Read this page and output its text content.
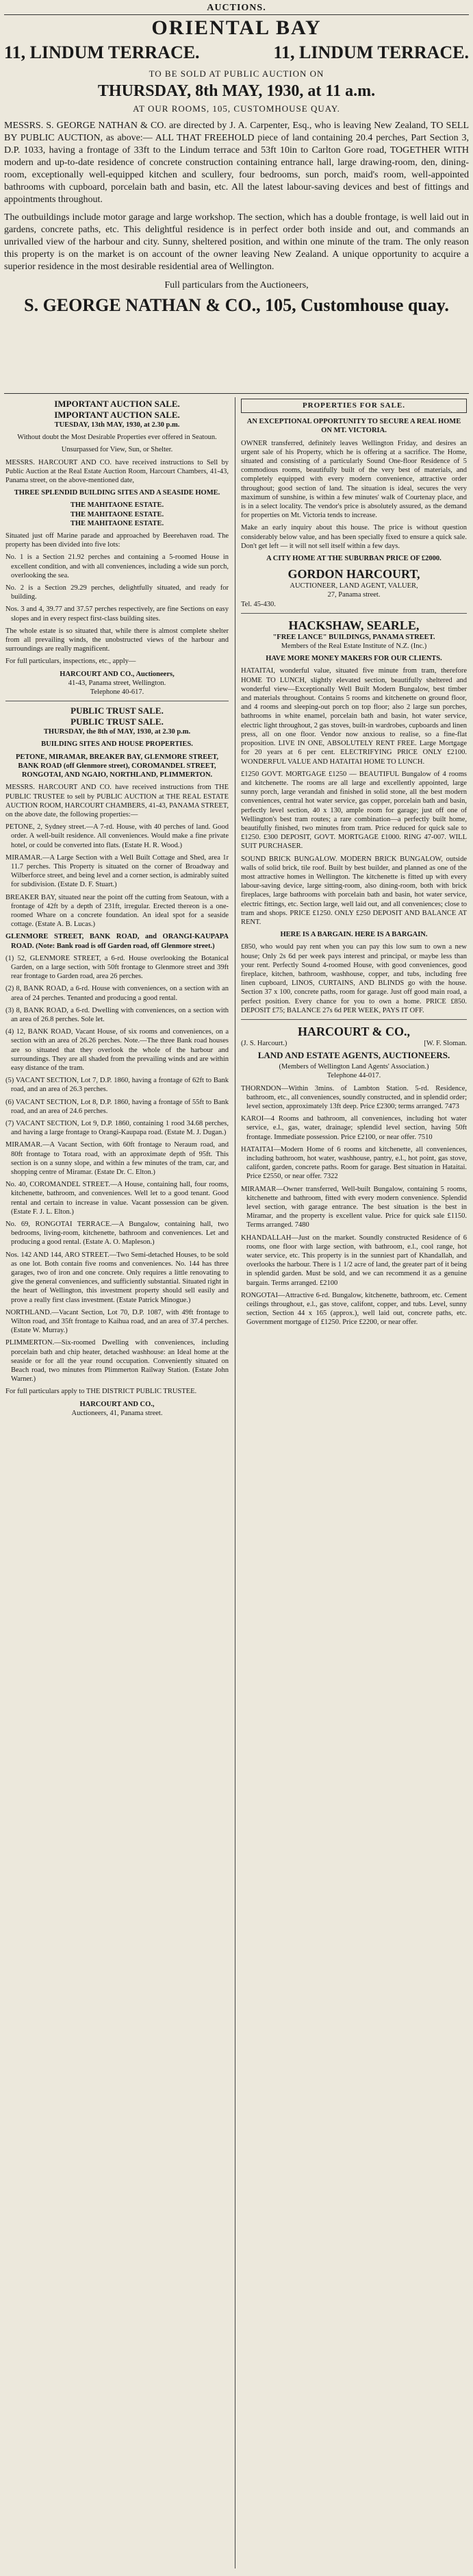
AUCTIONS.
ORIENTAL BAY
11, LINDUM TERRACE.	11, LINDUM TERRACE.
TO BE SOLD AT PUBLIC AUCTION ON
THURSDAY, 8th MAY, 1930, at 11 a.m.
AT OUR ROOMS, 105, CUSTOMHOUSE QUAY.

MESSRS. S. GEORGE NATHAN & CO. are directed by J. A. Carpenter, Esq., who is leaving New Zealand, TO SELL BY PUBLIC AUCTION, as above:— ALL THAT FREEHOLD piece of land containing 20.4 perches, Part Section 3, D.P. 1033, having a frontage of 33ft to the Lindum terrace and 53ft 10in to Carlton Gore road, TOGETHER WITH modern and up-to-date residence of concrete construction containing entrance hall, large drawing-room, den, dining-room, exceptionally well-equipped kitchen and scullery, four bedrooms, sun porch, maid's room, well-appointed bathrooms with cupboard, porcelain bath and basin, etc. All the latest labour-saving devices and best of fittings and appointments throughout.

The outbuildings include motor garage and large workshop. The section, which has a double frontage, is well laid out in gardens, concrete paths, etc. This delightful residence is in perfect order both inside and out, and commands an unrivalled view of the harbour and city. Sunny, sheltered position, and within one minute of the tram. The only reason this property is on the market is on account of the owner leaving New Zealand. A unique opportunity to acquire a superior residence in the most desirable residential area of Wellington.

Full particulars from the Auctioneers,
S. GEORGE NATHAN & CO., 105, Customhouse quay.
IMPORTANT AUCTION SALE.
IMPORTANT AUCTION SALE.

TUESDAY, 13th MAY, 1930, at 2.30 p.m.

Without doubt the Most Desirable Properties ever offered in Seatoun.

Unsurpassed for View, Sun, or Shelter.

MESSRS. HARCOURT AND CO. have received instructions to Sell by Public Auction at the Real Estate Auction Room, Harcourt Chambers, 41-43, Panama street, on the above-mentioned date,

THREE SPLENDID BUILDING SITES AND A SEASIDE HOME.

THE MAHITAONE ESTATE.

THE MAHITAONE ESTATE.

THE MAHITAONE ESTATE.

Situated just off Marine parade and approached by Beerehaven road. The property has been divided into five lots:

No. 1 is a Section 21.92 perches and containing a 5-roomed House in excellent condition, and with all conveniences, including a wide sun porch, overlooking the sea.

No. 2 is a Section 29.29 perches, delightfully situated, and ready for building.

Nos. 3 and 4, 39.77 and 37.57 perches respectively, are fine Sections on easy slopes and in every respect first-class building sites.

The whole estate is so situated that, while there is almost complete shelter from all prevailing winds, the unobstructed views of the harbour and surroundings are really magnificent.

For full particulars, inspections, etc., apply—

HARCOURT AND CO., Auctioneers,

41-43, Panama street, Wellington.

Telephone 40-617.

PUBLIC TRUST SALE.
PUBLIC TRUST SALE.

THURSDAY, the 8th of MAY, 1930, at 2.30 p.m.

BUILDING SITES AND HOUSE PROPERTIES.

PETONE, MIRAMAR, BREAKER BAY, GLENMORE STREET, BANK ROAD (off Glenmore street), COROMANDEL STREET, RONGOTAI, AND NGAIO, NORTHLAND, PLIMMERTON.

MESSRS. HARCOURT AND CO. have received instructions from THE PUBLIC TRUSTEE to sell by PUBLIC AUCTION at THE REAL ESTATE AUCTION ROOM, HARCOURT CHAMBERS, 41-43, PANAMA STREET, on the above date, the following properties:—

PETONE, 2, Sydney street.—A 7-rd. House, with 40 perches of land. Good order. A well-built residence. All conveniences. Would make a fine private hotel, or could be converted into flats. (Estate H. R. Wood.)

MIRAMAR.—A Large Section with a Well Built Cottage and Shed, area 1r 11.7 perches. This Property is situated on the corner of Broadway and Wilberforce street, and being level and a corner section, is admirably suited for subdivision. (Estate D. F. Stuart.)

BREAKER BAY, situated near the point off the cutting from Seatoun, with a frontage of 42ft by a depth of 231ft, irregular. Erected thereon is a one-roomed Whare on a concrete foundation. An ideal spot for a seaside cottage. (Estate A. B. Lucas.)

GLENMORE STREET, BANK ROAD, and ORANGI-KAUPAPA ROAD. (Note: Bank road is off Garden road, off Glenmore street.)

(1) 52, GLENMORE STREET, a 6-rd. House overlooking the Botanical Garden, on a large section, with 50ft frontage to Glenmore street and 39ft rear frontage to Garden road, area 26 perches.

(2) 8, BANK ROAD, a 6-rd. House with conveniences, on a section with an area of 24 perches. Tenanted and producing a good rental.

(3) 8, BANK ROAD, a 6-rd. Dwelling with conveniences, on a section with an area of 26.8 perches. Sole let.

(4) 12, BANK ROAD, Vacant House, of six rooms and conveniences, on a section with an area of 26.26 perches. Note.—The three Bank road houses are so situated that they overlook the whole of the harbour and surroundings. They are all shaded from the prevailing winds and are within easy distance of the tram.

(5) VACANT SECTION, Lot 7, D.P. 1860, having a frontage of 62ft to Bank road, and an area of 26.3 perches.

(6) VACANT SECTION, Lot 8, D.P. 1860, having a frontage of 55ft to Bank road, and an area of 24.6 perches.

(7) VACANT SECTION, Lot 9, D.P. 1860, containing 1 rood 34.68 perches, and having a large frontage to Orangi-Kaupapa road. (Estate M. J. Dugan.)

MIRAMAR.—A Vacant Section, with 60ft frontage to Neraum road, and 80ft frontage to Totara road, with an approximate depth of 95ft. This section is on a sunny slope, and within a few minutes of the tram, car, and shopping centre of Miramar. (Estate Dr. C. Elton.)

No. 40, COROMANDEL STREET.—A House, containing hall, four rooms, kitchenette, bathroom, and conveniences. Well let to a good tenant. Good rental and certain to increase in value. Vacant possession can be given. (Estate F. J. L. Elton.)

No. 69, RONGOTAI TERRACE.—A Bungalow, containing hall, two bedrooms, living-room, kitchenette, bathroom and conveniences. Let and producing a good rental. (Estate A. O. Mapleson.)

Nos. 142 AND 144, ARO STREET.—Two Semi-detached Houses, to be sold as one lot. Both contain five rooms and conveniences. No. 144 has three garages, two of iron and one concrete. Only requires a little renovating to give the general conveniences, and sufficiently substantial. Situated right in the heart of Wellington, this investment property should sell easily and prove a really first class investment. (Estate Patrick Minogue.)

NORTHLAND.—Vacant Section, Lot 70, D.P. 1087, with 49ft frontage to Wilton road, and 35ft frontage to Kaihua road, and an area of 37.4 perches. (Estate W. Murray.)

PLIMMERTON.—Six-roomed Dwelling with conveniences, including porcelain bath and chip heater, detached washhouse: an Ideal home at the seaside or for all the year round occupation. Conveniently situated on Beach road, two minutes from Plimmerton Railway Station. (Estate John Warner.)

For full particulars apply to THE DISTRICT PUBLIC TRUSTEE.

HARCOURT AND CO.,

Auctioneers, 41, Panama street.

PROPERTIES FOR SALE.

AN EXCEPTIONAL OPPORTUNITY TO SECURE A REAL HOME ON MT. VICTORIA.

OWNER transferred, definitely leaves Wellington Friday, and desires an urgent sale of his Property, which he is offering at a sacrifice. The Home, situated and consisting of a particularly Sound One-floor Residence of 5 commodious rooms, beautifully built of the very best of materials, and completely equipped with every modern convenience, attractive order throughout; good section of land. The situation is ideal, secures the very maximum of sunshine, is within a few minutes' walk of Courtenay place, and is in a select locality. The vendor's price is absolutely assured, as the demand for properties on Mt. Victoria tends to increase.

Make an early inquiry about this house. The price is without question considerably below value, and has been specially fixed to ensure a quick sale. Don't get left — it will not sell itself within a few days.

A CITY HOME AT THE SUBURBAN PRICE OF £2000.

GORDON HARCOURT,

AUCTIONEER, LAND AGENT, VALUER,

27, Panama street.

Tel. 45-430.

HACKSHAW, SEARLE,

"FREE LANCE" BUILDINGS, PANAMA STREET.

Members of the Real Estate Institute of N.Z. (Inc.)

HAVE MORE MONEY MAKERS FOR OUR CLIENTS.

HATAITAI, wonderful value, situated five minute from tram, therefore HOME TO LUNCH, slightly elevated section, beautifully sheltered and wonderful view—Exceptionally Well Built Modern Bungalow, best timber and materials throughout. Contains 5 rooms and kitchenette on ground floor, and 4 rooms and sleeping-out porch on top floor; also 2 large sun porches, bathrooms in white enamel, porcelain bath and basin, hot water service, electric light throughout, 2 gas stoves, built-in wardrobes, cupboards and linen press, all on one floor. Vendor now anxious to realise, so a fine-flat proposition. LIVE IN ONE, ABSOLUTELY RENT FREE. Large Mortgage for 20 years at 6 per cent. ELECTRIFYING PRICE ONLY £2100. WONDERFUL VALUE AND HATAITAI HOME TO LUNCH.

£1250 GOVT. MORTGAGE £1250 — BEAUTIFUL Bungalow of 4 rooms and kitchenette. The rooms are all large and excellently appointed, large sunny porch, large verandah and finished in solid stone, all the best modern conveniences, central hot water service, gas copper, porcelain bath and basin, perfectly level section, 40 x 130, ample room for garage; just off one of Wellington's best tram routes; a rare combination—a perfectly built home, beautifully finished, two minutes from tram. Price reduced for quick sale to £1250. £300 DEPOSIT, GOVT. MORTGAGE £1000. RING 47-007. WILL SUIT PURCHASER.

SOUND BRICK BUNGALOW. MODERN BRICK BUNGALOW, outside walls of solid brick, tile roof. Built by best builder, and planned as one of the most attractive homes in Wellington. The kitchenette is fitted up with every labour-saving device, large sitting-room, also dining-room, both with brick fireplaces, large bathrooms with porcelain bath and basin, hot water service, electric fittings, etc. Section large, well laid out, and all conveniences; close to tram and shops. PRICE £1250. ONLY £250 DEPOSIT AND BALANCE AT RENT.

HERE IS A BARGAIN. HERE IS A BARGAIN.

£850, who would pay rent when you can pay this low sum to own a new house; Only 2s 6d per week pays interest and principal, or maybe less than your rent. Perfectly Sound 4-roomed House, with good conveniences, good fireplace, kitchen, bathroom, washhouse, copper, and tubs, including free linen cupboard, LINOS, CURTAINS, AND BLINDS go with the house. Section 37 x 100, concrete paths, room for garage. Just off good main road, a perfect position. Every chance for you to own a home. PRICE £850. DEPOSIT £75; BALANCE 27s 6d PER WEEK, PAYS IT OFF.

HARCOURT & CO.,
(J. S. Harcourt.)	[W. F. Sloman.
LAND AND ESTATE AGENTS, AUCTIONEERS.

(Members of Wellington Land Agents' Association.)

Telephone 44-017.

THORNDON—Within 3mins. of Lambton Station. 5-rd. Residence, bathroom, etc., all conveniences, soundly constructed, and in splendid order; level section, approximately 13ft deep. Price £2300; terms arranged. 7473

KAROI—4 Rooms and bathroom, all conveniences, including hot water service, e.l., gas, water, drainage; splendid level section, having 50ft frontage. Immediate possession. Price £2100, or near offer. 7510

HATAITAI—Modern Home of 6 rooms and kitchenette, all conveniences, including bathroom, hot water, washhouse, pantry, e.l., hot point, gas stove, califont, garden, concrete paths. Room for garage. Best situation in Hataitai. Price £2550, or near offer. 7322

MIRAMAR—Owner transferred, Well-built Bungalow, containing 5 rooms, kitchenette and bathroom, fitted with every modern convenience. Splendid level section, with garage entrance. The best situation is the best in Miramar, and the property is excellent value. Price for quick sale £1150. Terms arranged. 7480

KHANDALLAH—Just on the market. Soundly constructed Residence of 6 rooms, one floor with large section, with bathroom, e.l., cool range, hot water service, etc. This property is in the sunniest part of Khandallah, and overlooks the harbour. There is 1 1/2 acre of land, the greater part of it being in splendid garden. Must be sold, and we can recommend it as a genuine bargain. Terms arranged. £2100

RONGOTAI—Attractive 6-rd. Bungalow, kitchenette, bathroom, etc. Cement ceilings throughout, e.l., gas stove, califont, copper, and tubs. Level, sunny section, Section 44 x 165 (approx.), well laid out, concrete paths, etc. Government mortgage of £1250. Price £2200, or near offer.
